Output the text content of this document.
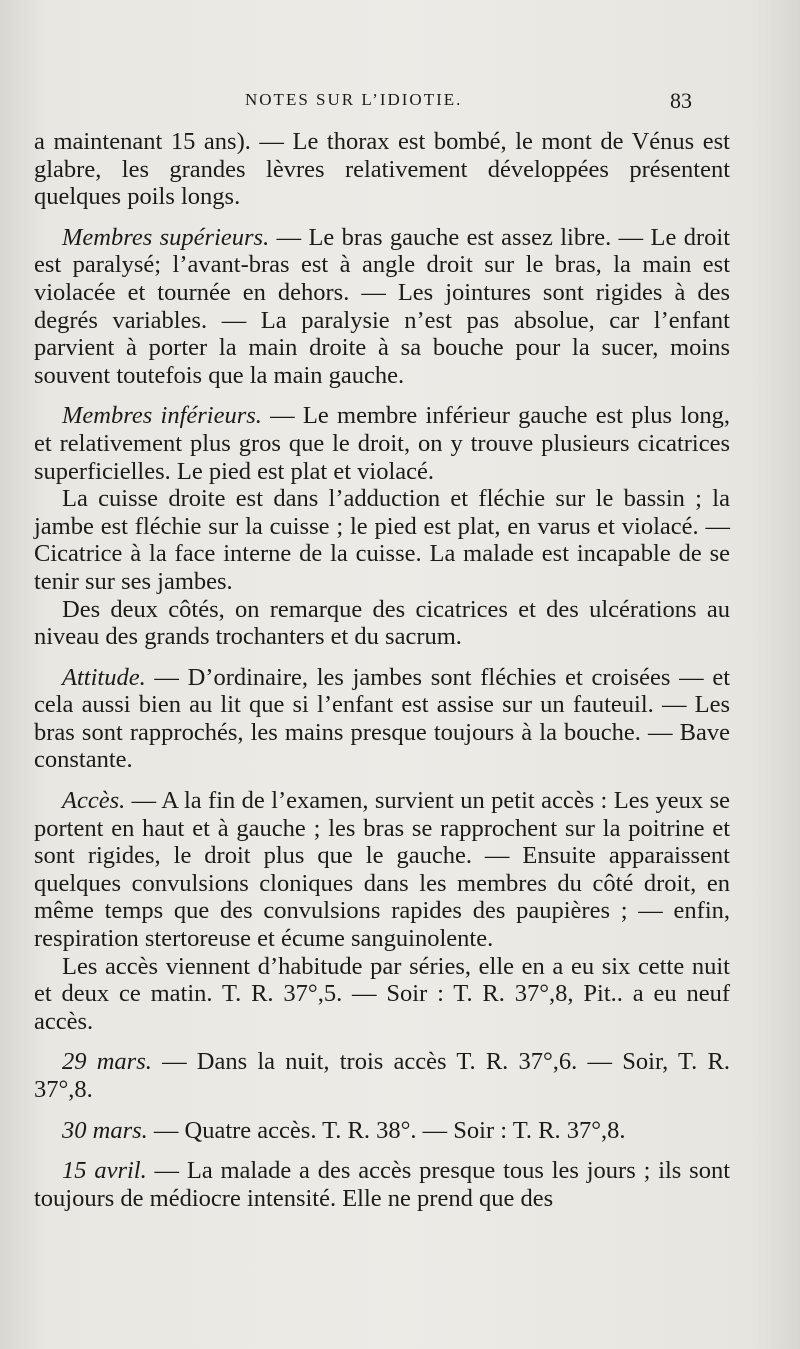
NOTES SUR L’IDIOTIE.	83

a maintenant 15 ans). — Le thorax est bombé, le mont de Vénus est glabre, les grandes lèvres relativement développées présentent quelques poils longs.

Membres supérieurs. — Le bras gauche est assez libre. — Le droit est paralysé; l’avant-bras est à angle droit sur le bras, la main est violacée et tournée en dehors. — Les jointures sont rigides à des degrés variables. — La paralysie n’est pas absolue, car l’enfant parvient à porter la main droite à sa bouche pour la sucer, moins souvent toutefois que la main gauche.

Membres inférieurs. — Le membre inférieur gauche est plus long, et relativement plus gros que le droit, on y trouve plusieurs cicatrices superficielles. Le pied est plat et violacé.

La cuisse droite est dans l’adduction et fléchie sur le bassin ; la jambe est fléchie sur la cuisse ; le pied est plat, en varus et violacé. — Cicatrice à la face interne de la cuisse. La malade est incapable de se tenir sur ses jambes.

Des deux côtés, on remarque des cicatrices et des ulcérations au niveau des grands trochanters et du sacrum.

Attitude. — D’ordinaire, les jambes sont fléchies et croisées — et cela aussi bien au lit que si l’enfant est assise sur un fauteuil. — Les bras sont rapprochés, les mains presque toujours à la bouche. — Bave constante.

Accès. — A la fin de l’examen, survient un petit accès : Les yeux se portent en haut et à gauche ; les bras se rapprochent sur la poitrine et sont rigides, le droit plus que le gauche. — Ensuite apparaissent quelques convulsions cloniques dans les membres du côté droit, en même temps que des convulsions rapides des paupières ; — enfin, respiration stertoreuse et écume sanguinolente.

Les accès viennent d’habitude par séries, elle en a eu six cette nuit et deux ce matin. T. R. 37°,5. — Soir : T. R. 37°,8, Pit.. a eu neuf accès.

29 mars. — Dans la nuit, trois accès T. R. 37°,6. — Soir, T. R. 37°,8.

30 mars. — Quatre accès. T. R. 38°. — Soir : T. R. 37°,8.

15 avril. — La malade a des accès presque tous les jours ; ils sont toujours de médiocre intensité. Elle ne prend que des
